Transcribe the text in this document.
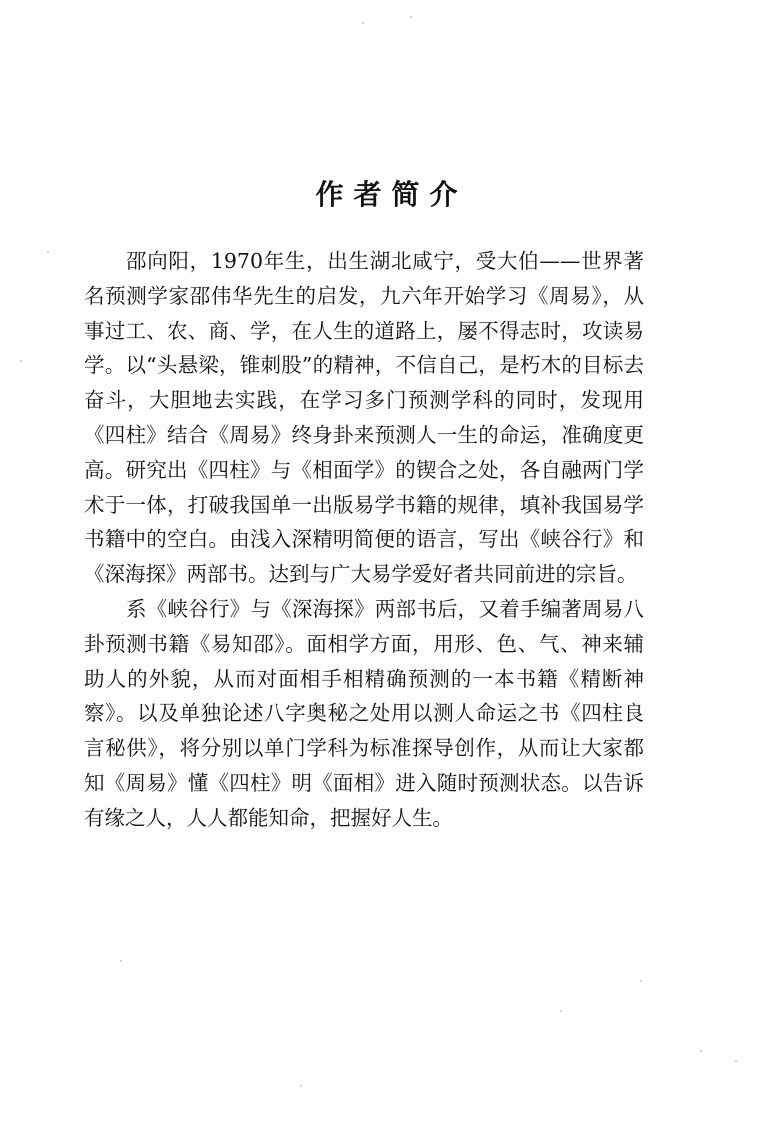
作者简介

邵向阳，1970年生，出生湖北咸宁，受大伯——世界著名预测学家邵伟华先生的启发，九六年开始学习《周易》，从事过工、农、商、学，在人生的道路上，屡不得志时，攻读易学。以“头悬梁，锥刺股”的精神，不信自己，是朽木的目标去奋斗，大胆地去实践，在学习多门预测学科的同时，发现用《四柱》结合《周易》终身卦来预测人一生的命运，准确度更高。研究出《四柱》与《相面学》的锲合之处，各自融两门学术于一体，打破我国单一出版易学书籍的规律，填补我国易学书籍中的空白。由浅入深精明简便的语言，写出《峡谷行》和《深海探》两部书。达到与广大易学爱好者共同前进的宗旨。

系《峡谷行》与《深海探》两部书后，又着手编著周易八卦预测书籍《易知邵》。面相学方面，用形、色、气、神来辅助人的外貌，从而对面相手相精确预测的一本书籍《精断神察》。以及单独论述八字奥秘之处用以测人命运之书《四柱良言秘供》，将分别以单门学科为标准探导创作，从而让大家都知《周易》懂《四柱》明《面相》进入随时预测状态。以告诉有缘之人，人人都能知命，把握好人生。
